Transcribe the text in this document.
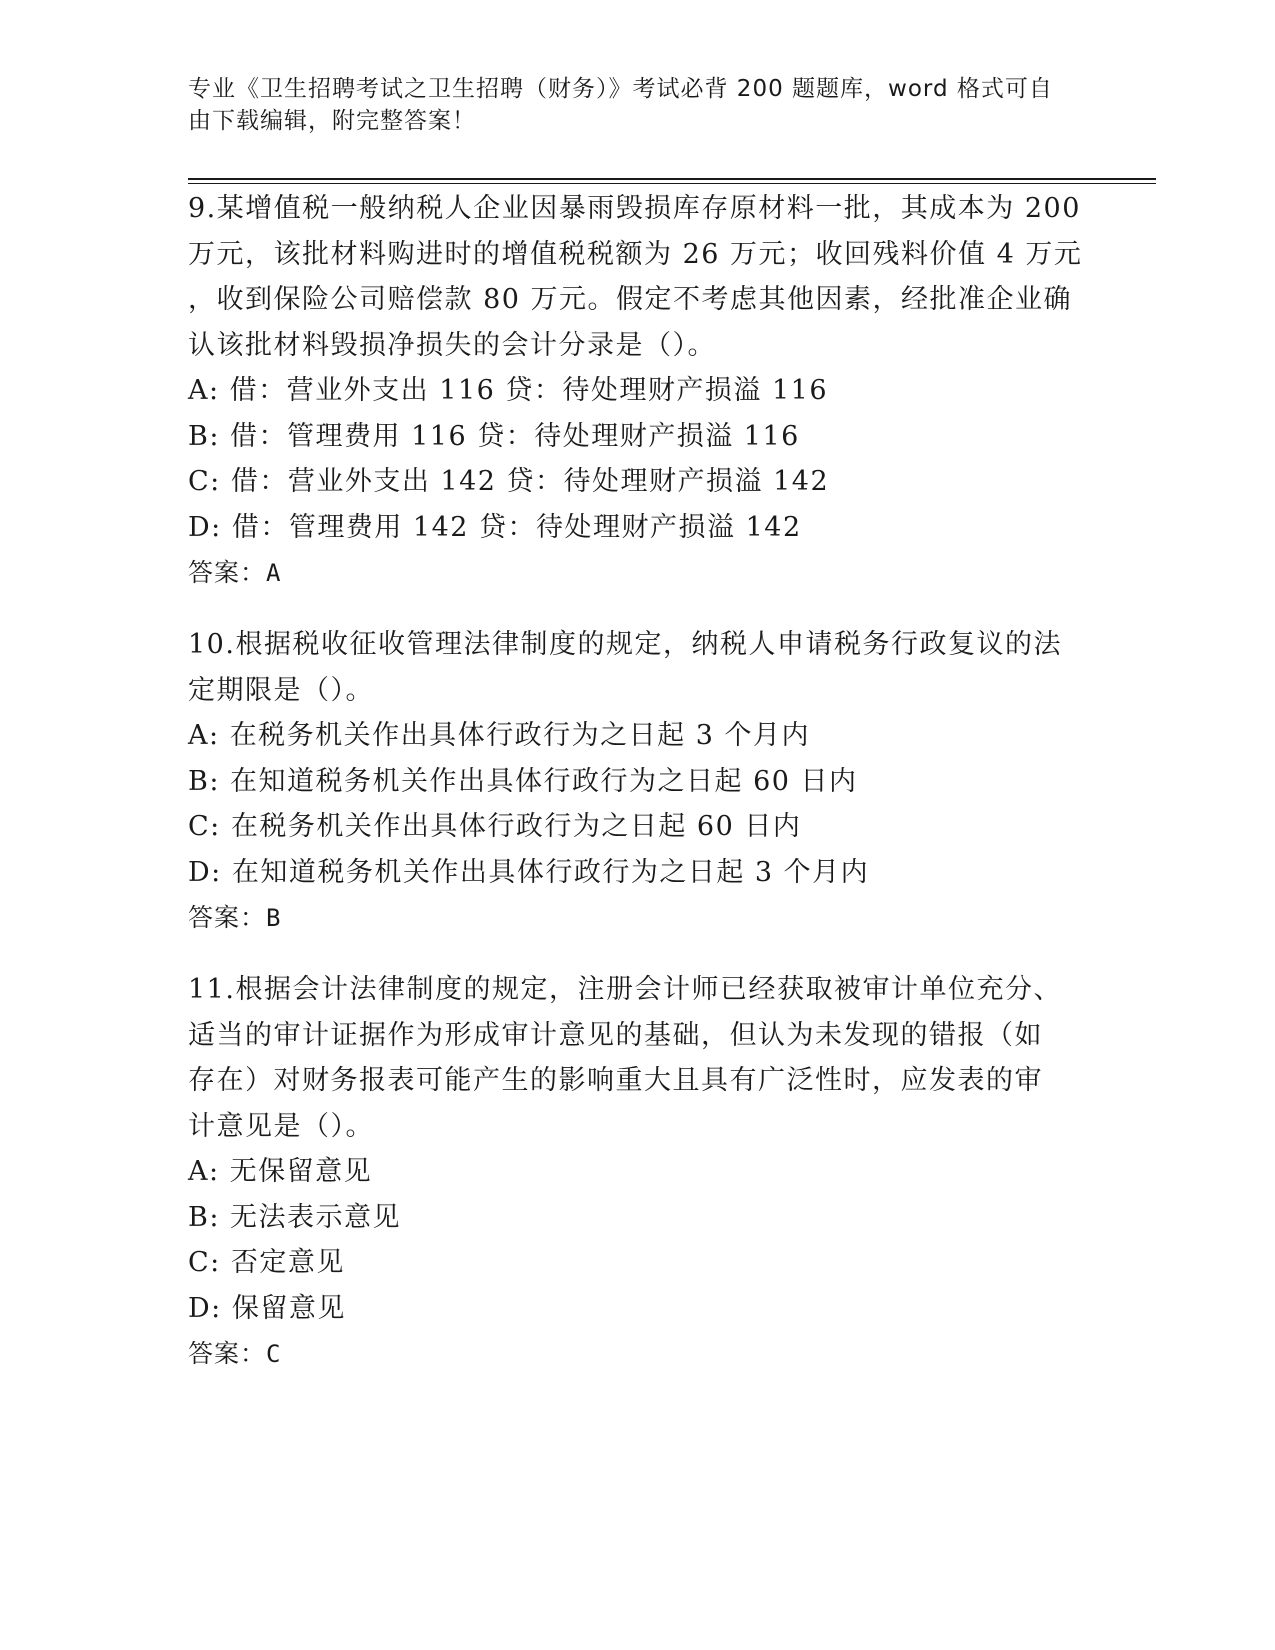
专业《卫生招聘考试之卫生招聘（财务）》考试必背 200 题题库，word 格式可自
由下载编辑，附完整答案！
9.某增值税一般纳税人企业因暴雨毁损库存原材料一批，其成本为 200
万元，该批材料购进时的增值税税额为 26 万元；收回残料价值 4 万元
，收到保险公司赔偿款 80 万元。假定不考虑其他因素，经批准企业确
认该批材料毁损净损失的会计分录是（）。
A: 借：营业外支出 116 贷：待处理财产损溢 116
B: 借：管理费用 116 贷：待处理财产损溢 116
C: 借：营业外支出 142 贷：待处理财产损溢 142
D: 借：管理费用 142 贷：待处理财产损溢 142
答案：A
10.根据税收征收管理法律制度的规定，纳税人申请税务行政复议的法
定期限是（）。
A: 在税务机关作出具体行政行为之日起 3 个月内
B: 在知道税务机关作出具体行政行为之日起 60 日内
C: 在税务机关作出具体行政行为之日起 60 日内
D: 在知道税务机关作出具体行政行为之日起 3 个月内
答案：B
11.根据会计法律制度的规定，注册会计师已经获取被审计单位充分、
适当的审计证据作为形成审计意见的基础，但认为未发现的错报（如
存在）对财务报表可能产生的影响重大且具有广泛性时，应发表的审
计意见是（）。
A: 无保留意见
B: 无法表示意见
C: 否定意见
D: 保留意见
答案：C
